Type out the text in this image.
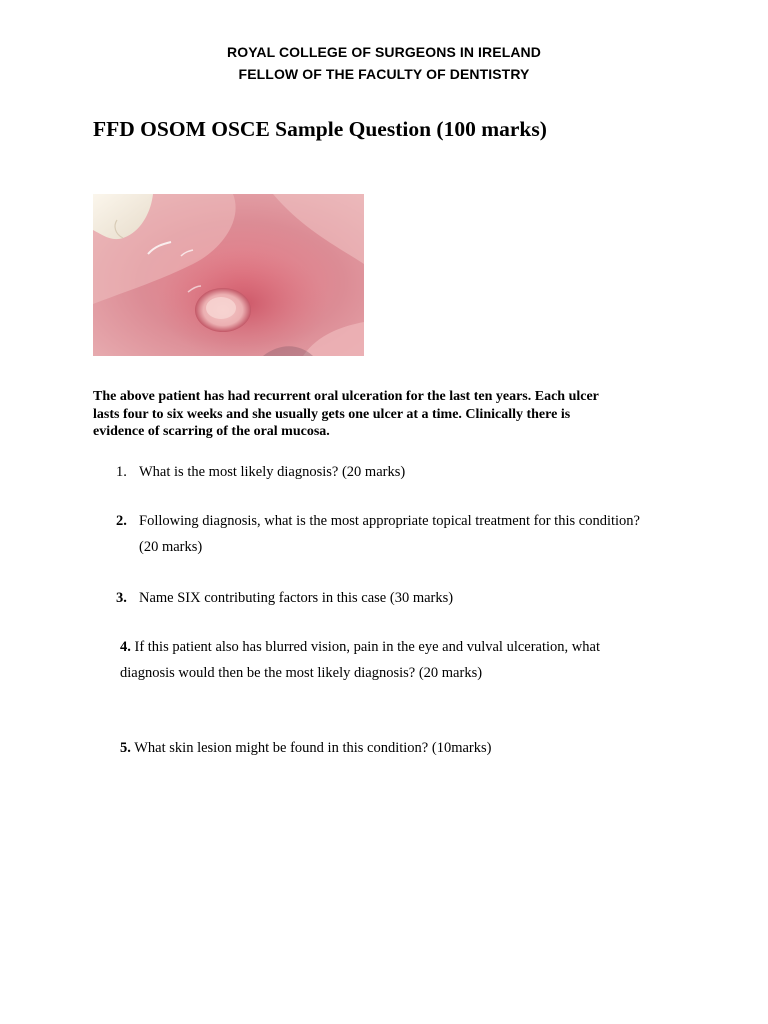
ROYAL COLLEGE OF SURGEONS IN IRELAND
FELLOW OF THE FACULTY OF DENTISTRY
FFD OSOM OSCE Sample Question (100 marks)
The above patient has had recurrent oral ulceration for the last ten years. Each ulcer
lasts four to six weeks and she usually gets one ulcer at a time. Clinically there is
evidence of scarring of the oral mucosa.
1. What is the most likely diagnosis? (20 marks)
2. Following diagnosis, what is the most appropriate topical treatment for this condition?
(20 marks)
3. Name SIX contributing factors in this case (30 marks)
4. If this patient also has blurred vision, pain in the eye and vulval ulceration, what
diagnosis would then be the most likely diagnosis? (20 marks)
5. What skin lesion might be found in this condition? (10marks)
